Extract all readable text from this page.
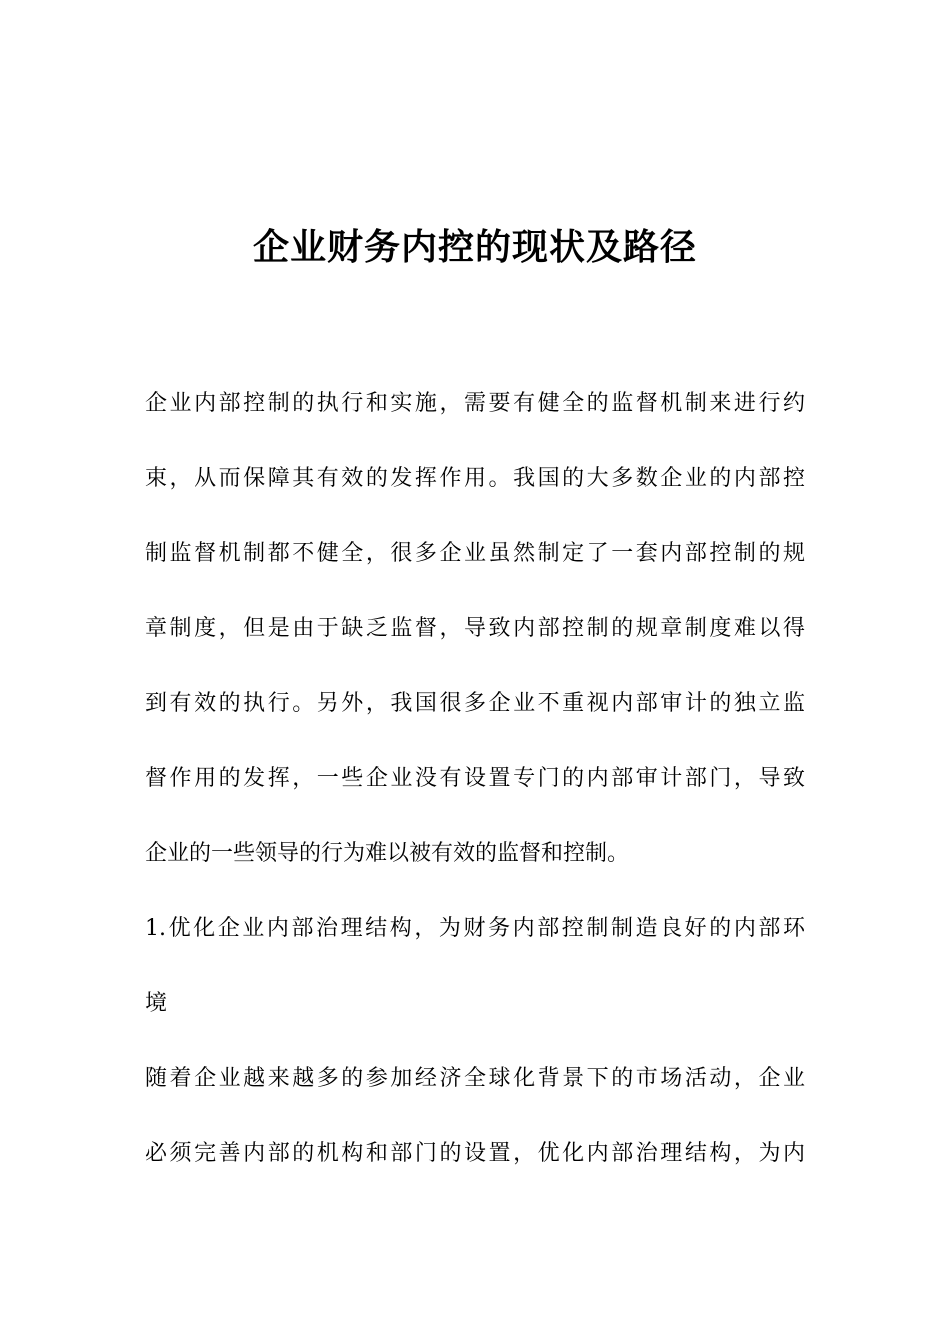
企业财务内控的现状及路径
企业内部控制的执行和实施，需要有健全的监督机制来进行约
束，从而保障其有效的发挥作用。我国的大多数企业的内部控
制监督机制都不健全，很多企业虽然制定了一套内部控制的规
章制度，但是由于缺乏监督，导致内部控制的规章制度难以得
到有效的执行。另外，我国很多企业不重视内部审计的独立监
督作用的发挥，一些企业没有设置专门的内部审计部门，导致
企业的一些领导的行为难以被有效的监督和控制。
1.优化企业内部治理结构，为财务内部控制制造良好的内部环
境
随着企业越来越多的参加经济全球化背景下的市场活动，企业
必须完善内部的机构和部门的设置，优化内部治理结构，为内
